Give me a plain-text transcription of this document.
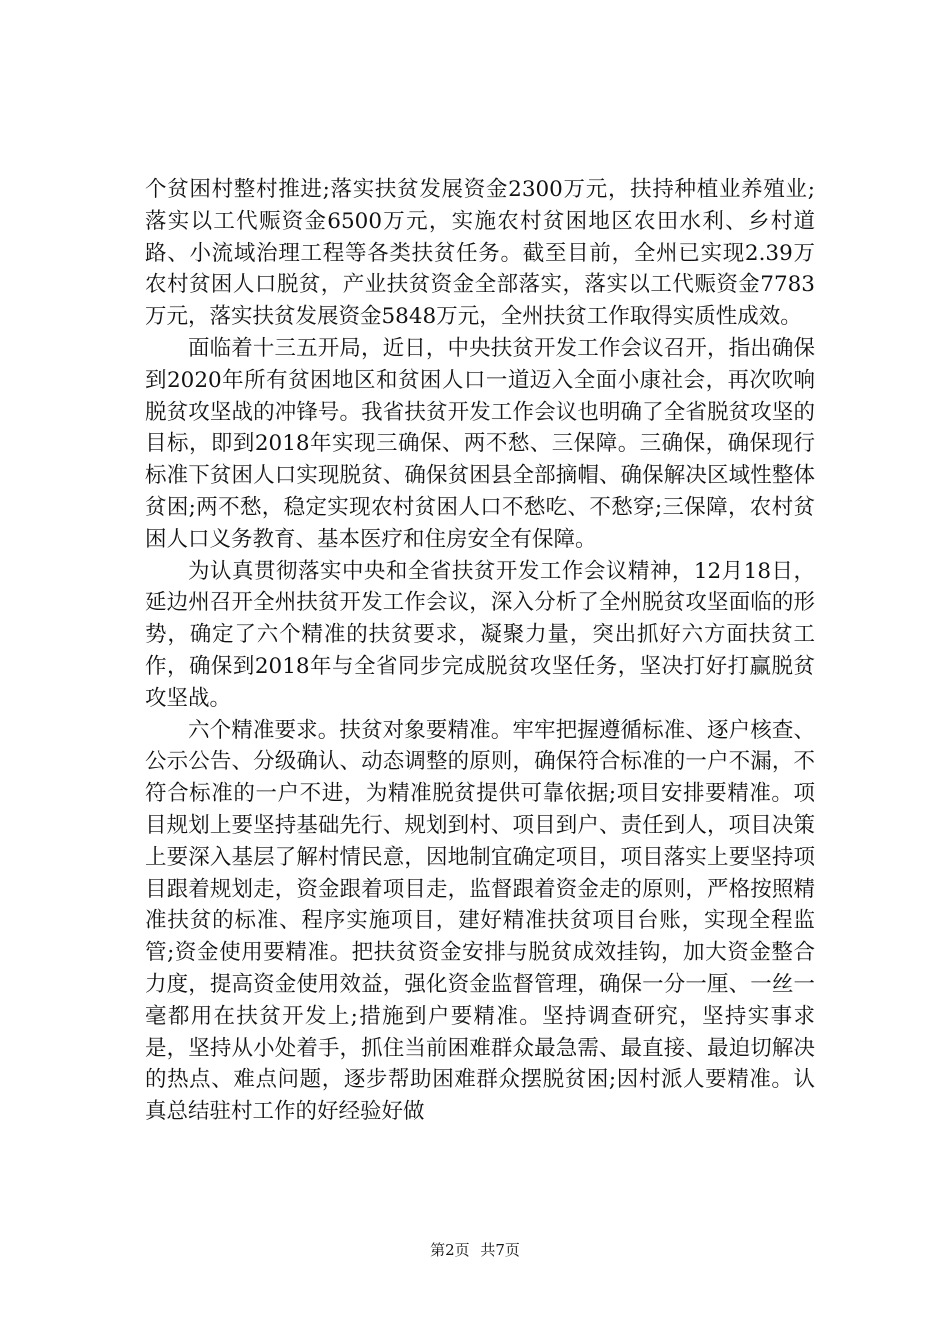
个贫困村整村推进;落实扶贫发展资金2300万元，扶持种植业养殖业;落实以工代赈资金6500万元，实施农村贫困地区农田水利、乡村道路、小流域治理工程等各类扶贫任务。截至目前，全州已实现2.39万农村贫困人口脱贫，产业扶贫资金全部落实，落实以工代赈资金7783万元，落实扶贫发展资金5848万元，全州扶贫工作取得实质性成效。

面临着十三五开局，近日，中央扶贫开发工作会议召开，指出确保到2020年所有贫困地区和贫困人口一道迈入全面小康社会，再次吹响脱贫攻坚战的冲锋号。我省扶贫开发工作会议也明确了全省脱贫攻坚的目标，即到2018年实现三确保、两不愁、三保障。三确保，确保现行标准下贫困人口实现脱贫、确保贫困县全部摘帽、确保解决区域性整体贫困;两不愁，稳定实现农村贫困人口不愁吃、不愁穿;三保障，农村贫困人口义务教育、基本医疗和住房安全有保障。

为认真贯彻落实中央和全省扶贫开发工作会议精神，12月18日，延边州召开全州扶贫开发工作会议，深入分析了全州脱贫攻坚面临的形势，确定了六个精准的扶贫要求，凝聚力量，突出抓好六方面扶贫工作，确保到2018年与全省同步完成脱贫攻坚任务，坚决打好打赢脱贫攻坚战。

六个精准要求。扶贫对象要精准。牢牢把握遵循标准、逐户核查、公示公告、分级确认、动态调整的原则，确保符合标准的一户不漏，不符合标准的一户不进，为精准脱贫提供可靠依据;项目安排要精准。项目规划上要坚持基础先行、规划到村、项目到户、责任到人，项目决策上要深入基层了解村情民意，因地制宜确定项目，项目落实上要坚持项目跟着规划走，资金跟着项目走，监督跟着资金走的原则，严格按照精准扶贫的标准、程序实施项目，建好精准扶贫项目台账，实现全程监管;资金使用要精准。把扶贫资金安排与脱贫成效挂钩，加大资金整合力度，提高资金使用效益，强化资金监督管理，确保一分一厘、一丝一毫都用在扶贫开发上;措施到户要精准。坚持调查研究，坚持实事求是，坚持从小处着手，抓住当前困难群众最急需、最直接、最迫切解决的热点、难点问题，逐步帮助困难群众摆脱贫困;因村派人要精准。认真总结驻村工作的好经验好做

第2页 共7页
